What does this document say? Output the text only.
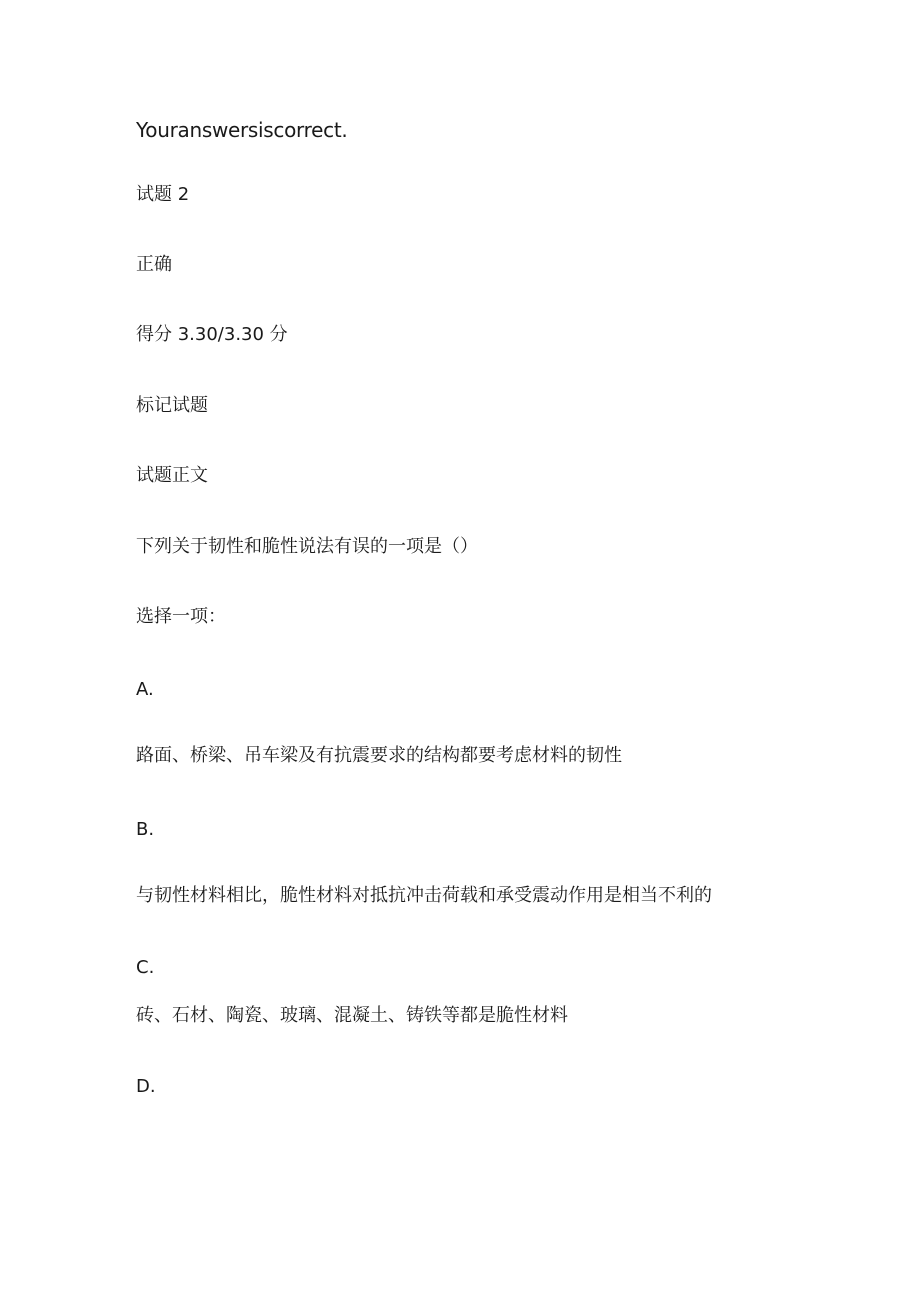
Youranswersiscorrect.
试题 2
正确
得分 3.30/3.30 分
标记试题
试题正文
下列关于韧性和脆性说法有误的一项是（）
选择一项：
A.
路面、桥梁、吊车梁及有抗震要求的结构都要考虑材料的韧性
B.
与韧性材料相比，脆性材料对抵抗冲击荷载和承受震动作用是相当不利的
C.
砖、石材、陶瓷、玻璃、混凝土、铸铁等都是脆性材料
D.
